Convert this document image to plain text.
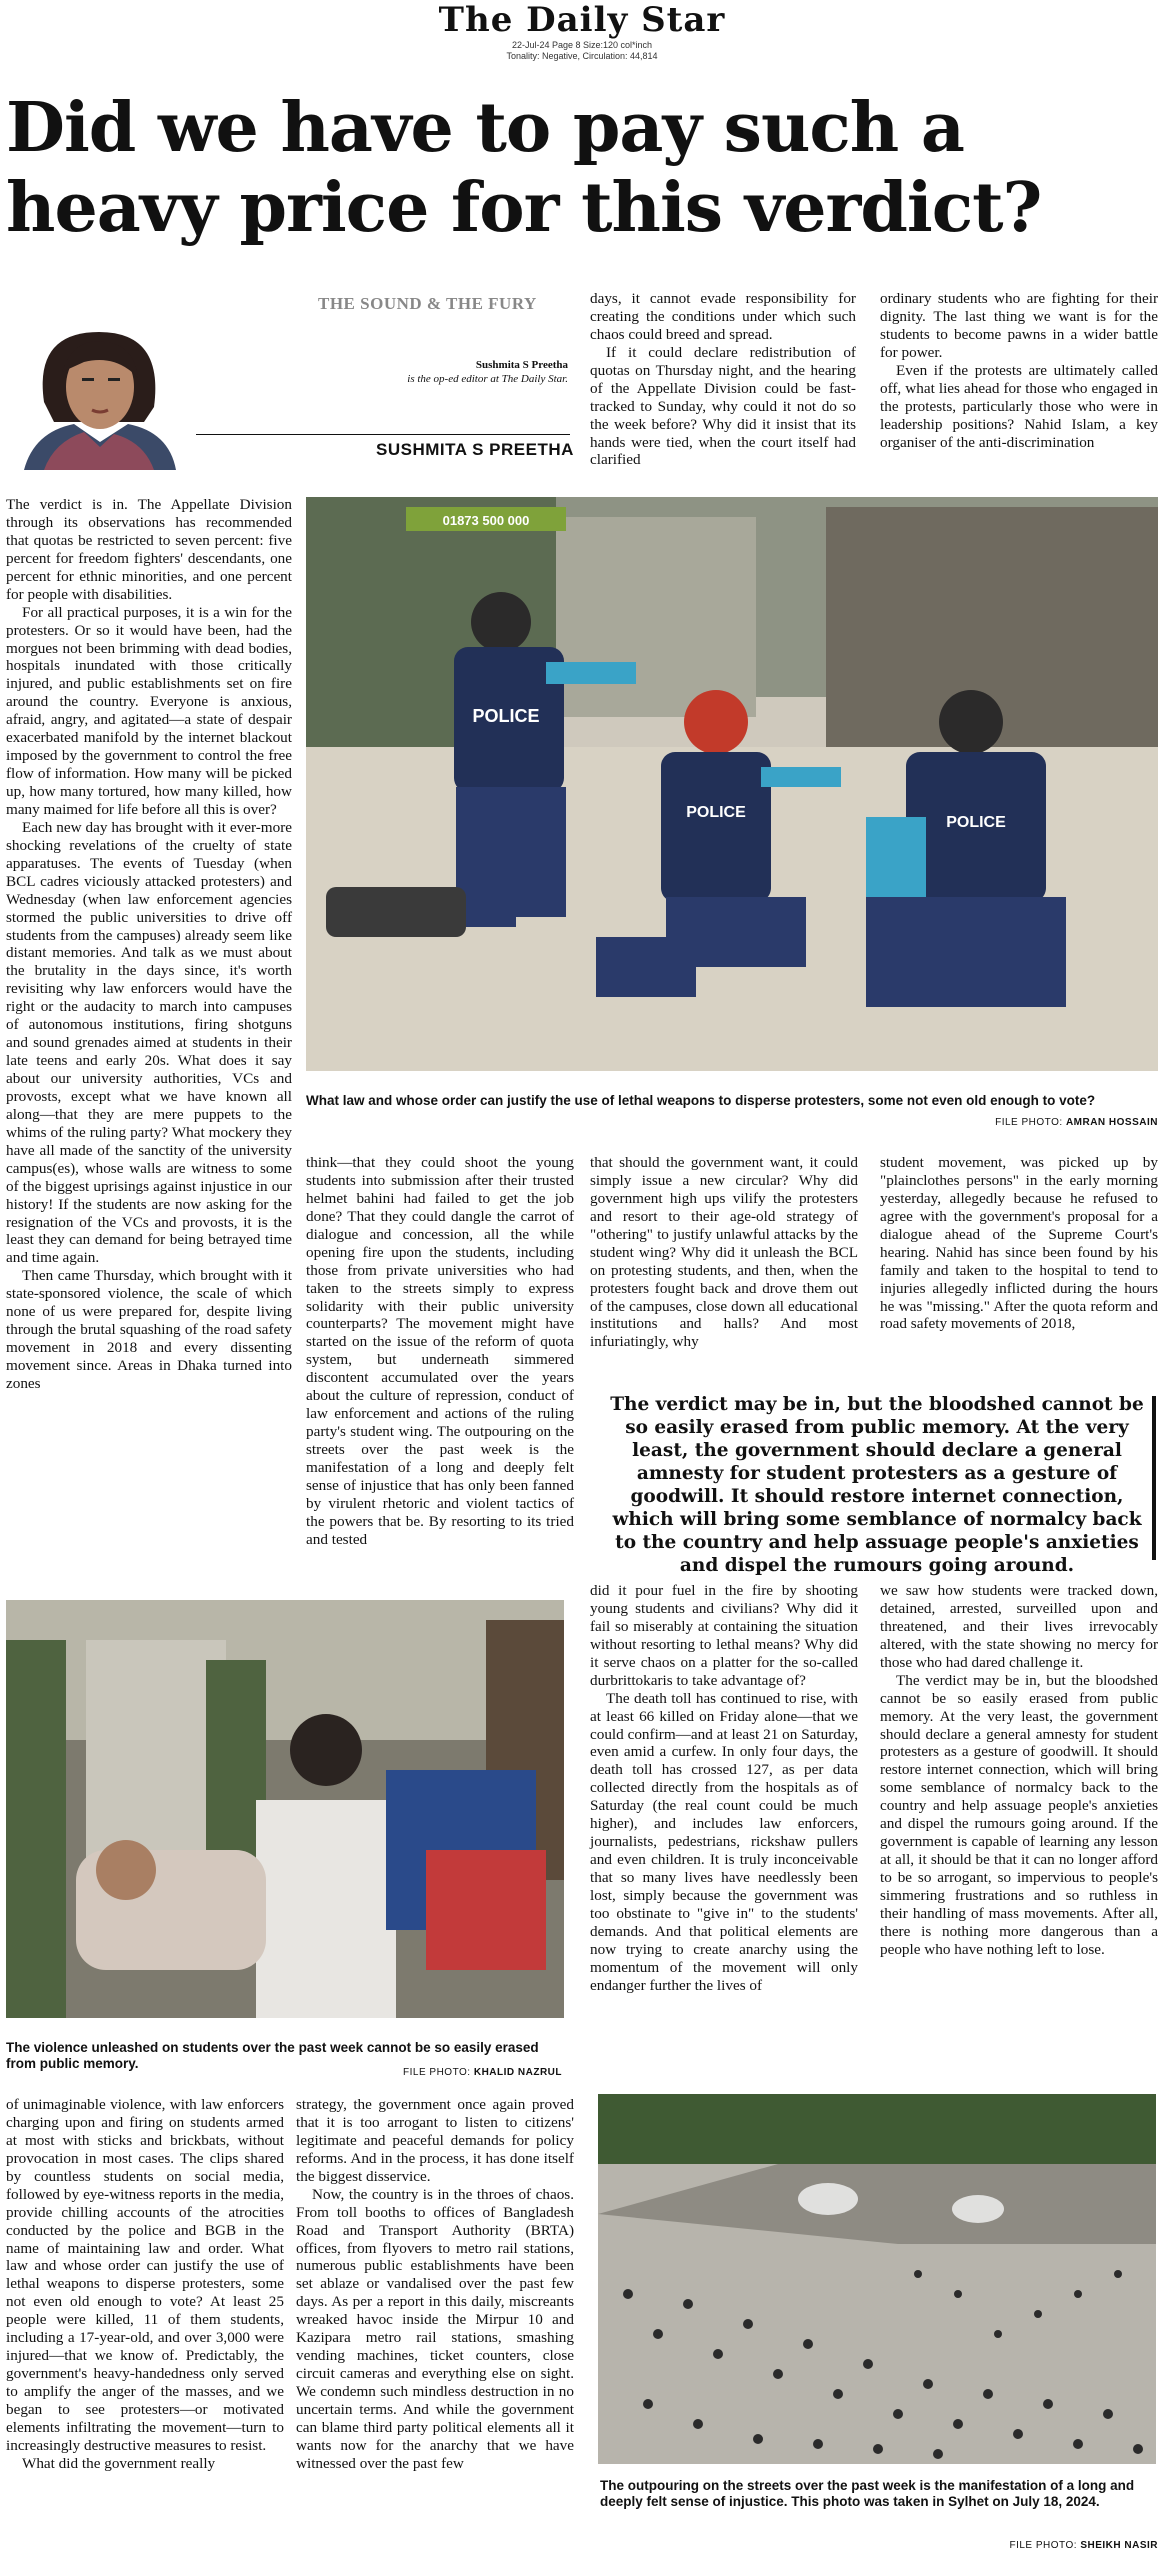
The Daily Star
22-Jul-24 Page 8 Size:120 col*inch
Tonality: Negative, Circulation: 44,814
Did we have to pay such a heavy price for this verdict?
THE SOUND & THE FURY
Sushmita S Preetha
is the op-ed editor at The Daily Star.
SUSHMITA S PREETHA

days, it cannot evade responsibility for creating the conditions under which such chaos could breed and spread.

If it could declare redistribution of quotas on Thursday night, and the hearing of the Appellate Division could be fast-tracked to Sunday, why could it not do so the week before? Why did it insist that its hands were tied, when the court itself had clarified

ordinary students who are fighting for their dignity. The last thing we want is for the students to become pawns in a wider battle for power.

Even if the protests are ultimately called off, what lies ahead for those who engaged in the protests, particularly those who were in leadership positions? Nahid Islam, a key organiser of the anti-discrimination

The verdict is in. The Appellate Division through its observations has recommended that quotas be restricted to seven percent: five percent for freedom fighters' descendants, one percent for ethnic minorities, and one percent for people with disabilities.

For all practical purposes, it is a win for the protesters. Or so it would have been, had the morgues not been brimming with dead bodies, hospitals inundated with those critically injured, and public establishments set on fire around the country. Everyone is anxious, afraid, angry, and agitated—a state of despair exacerbated manifold by the internet blackout imposed by the government to control the free flow of information. How many will be picked up, how many tortured, how many killed, how many maimed for life before all this is over?

Each new day has brought with it ever-more shocking revelations of the cruelty of state apparatuses. The events of Tuesday (when BCL cadres viciously attacked protesters) and Wednesday (when law enforcement agencies stormed the public universities to drive off students from the campuses) already seem like distant memories. And talk as we must about the brutality in the days since, it's worth revisiting why law enforcers would have the right or the audacity to march into campuses of autonomous institutions, firing shotguns and sound grenades aimed at students in their late teens and early 20s. What does it say about our university authorities, VCs and provosts, except what we have known all along—that they are mere puppets to the whims of the ruling party? What mockery they have all made of the sanctity of the university campus(es), whose walls are witness to some of the biggest uprisings against injustice in our history! If the students are now asking for the resignation of the VCs and provosts, it is the least they can demand for being betrayed time and time again.

Then came Thursday, which brought with it state-sponsored violence, the scale of which none of us were prepared for, despite living through the brutal squashing of the road safety movement in 2018 and every dissenting movement since. Areas in Dhaka turned into zones

01873 500 000
POLICE
POLICE
POLICE
What law and whose order can justify the use of lethal weapons to disperse protesters, some not even old enough to vote?
FILE PHOTO: AMRAN HOSSAIN

think—that they could shoot the young students into submission after their trusted helmet bahini had failed to get the job done? That they could dangle the carrot of dialogue and concession, all the while opening fire upon the students, including those from private universities who had taken to the streets simply to express solidarity with their public university counterparts? The movement might have started on the issue of the reform of quota system, but underneath simmered discontent accumulated over the years about the culture of repression, conduct of law enforcement and actions of the ruling party's student wing. The outpouring on the streets over the past week is the manifestation of a long and deeply felt sense of injustice that has only been fanned by virulent rhetoric and violent tactics of the powers that be. By resorting to its tried and tested

that should the government want, it could simply issue a new circular? Why did government high ups vilify the protesters and resort to their age-old strategy of "othering" to justify unlawful attacks by the student wing? Why did it unleash the BCL on protesting students, and then, when the protesters fought back and drove them out of the campuses, close down all educational institutions and halls? And most infuriatingly, why

student movement, was picked up by "plainclothes persons" in the early morning yesterday, allegedly because he refused to agree with the government's proposal for a dialogue ahead of the Supreme Court's hearing. Nahid has since been found by his family and taken to the hospital to tend to injuries allegedly inflicted during the hours he was "missing." After the quota reform and road safety movements of 2018,

The verdict may be in, but the bloodshed cannot be so easily erased from public memory. At the very least, the government should declare a general amnesty for student protesters as a gesture of goodwill. It should restore internet connection, which will bring some semblance of normalcy back to the country and help assuage people's anxieties and dispel the rumours going around.

did it pour fuel in the fire by shooting young students and civilians? Why did it fail so miserably at containing the situation without resorting to lethal means? Why did it serve chaos on a platter for the so-called durbrittokaris to take advantage of?

The death toll has continued to rise, with at least 66 killed on Friday alone—that we could confirm—and at least 21 on Saturday, even amid a curfew. In only four days, the death toll has crossed 127, as per data collected directly from the hospitals as of Saturday (the real count could be much higher), and includes law enforcers, journalists, pedestrians, rickshaw pullers and even children. It is truly inconceivable that so many lives have needlessly been lost, simply because the government was too obstinate to "give in" to the students' demands. And that political elements are now trying to create anarchy using the momentum of the movement will only endanger further the lives of

we saw how students were tracked down, detained, arrested, surveilled upon and threatened, and their lives irrevocably altered, with the state showing no mercy for those who had dared challenge it.

The verdict may be in, but the bloodshed cannot be so easily erased from public memory. At the very least, the government should declare a general amnesty for student protesters as a gesture of goodwill. It should restore internet connection, which will bring some semblance of normalcy back to the country and help assuage people's anxieties and dispel the rumours going around. If the government is capable of learning any lesson at all, it should be that it can no longer afford to be so arrogant, so impervious to people's simmering frustrations and so ruthless in their handling of mass movements. After all, there is nothing more dangerous than a people who have nothing left to lose.

The violence unleashed on students over the past week cannot be so easily erased from public memory.
FILE PHOTO: KHALID NAZRUL

of unimaginable violence, with law enforcers charging upon and firing on students armed at most with sticks and brickbats, without provocation in most cases. The clips shared by countless students on social media, followed by eye-witness reports in the media, provide chilling accounts of the atrocities conducted by the police and BGB in the name of maintaining law and order. What law and whose order can justify the use of lethal weapons to disperse protesters, some not even old enough to vote? At least 25 people were killed, 11 of them students, including a 17-year-old, and over 3,000 were injured—that we know of. Predictably, the government's heavy-handedness only served to amplify the anger of the masses, and we began to see protesters—or motivated elements infiltrating the movement—turn to increasingly destructive measures to resist.

What did the government really

strategy, the government once again proved that it is too arrogant to listen to citizens' legitimate and peaceful demands for policy reforms. And in the process, it has done itself the biggest disservice.

Now, the country is in the throes of chaos. From toll booths to offices of Bangladesh Road and Transport Authority (BRTA) offices, from flyovers to metro rail stations, numerous public establishments have been set ablaze or vandalised over the past few days. As per a report in this daily, miscreants wreaked havoc inside the Mirpur 10 and Kazipara metro rail stations, smashing vending machines, ticket counters, close circuit cameras and everything else on sight. We condemn such mindless destruction in no uncertain terms. And while the government can blame third party political elements all it wants now for the anarchy that we have witnessed over the past few

The outpouring on the streets over the past week is the manifestation of a long and deeply felt sense of injustice. This photo was taken in Sylhet on July 18, 2024.
FILE PHOTO: SHEIKH NASIR
